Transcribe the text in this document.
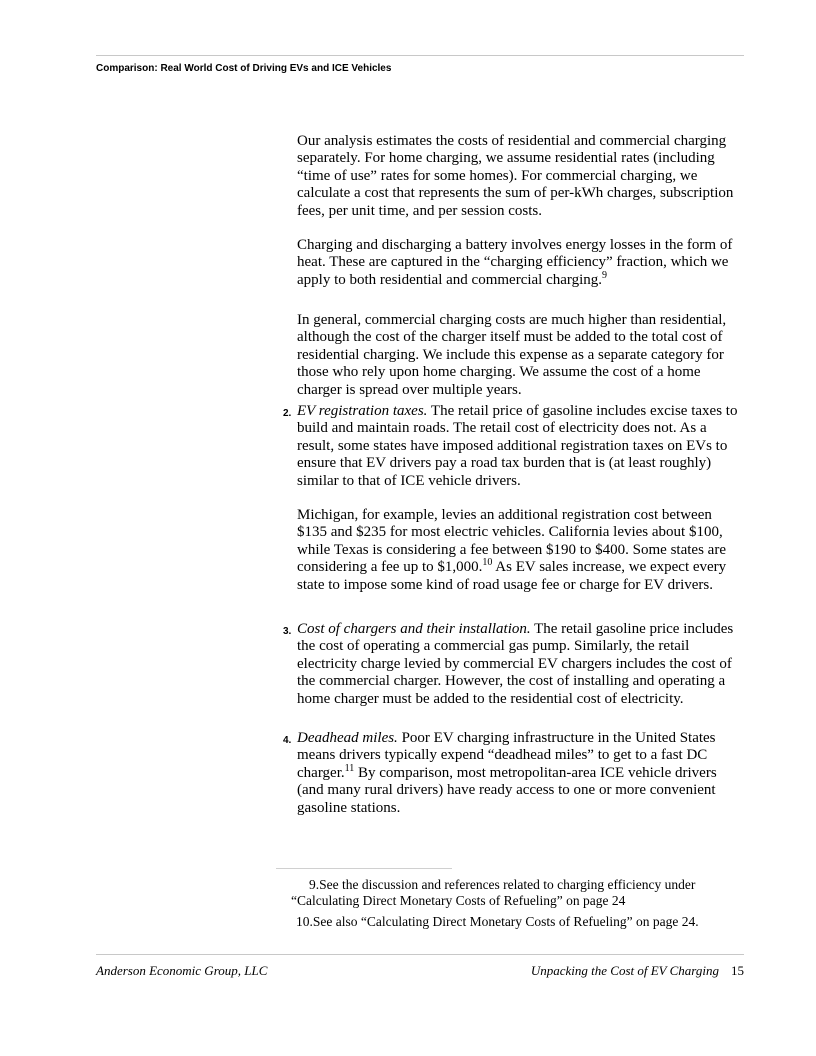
Comparison: Real World Cost of Driving EVs and ICE Vehicles

Our analysis estimates the costs of residential and commercial charging separately. For home charging, we assume residential rates (including “time of use” rates for some homes). For commercial charging, we calculate a cost that represents the sum of per-kWh charges, subscription fees, per unit time, and per session costs.

Charging and discharging a battery involves energy losses in the form of heat. These are captured in the “charging efficiency” fraction, which we apply to both residential and commercial charging.$^9$

In general, commercial charging costs are much higher than residential, although the cost of the charger itself must be added to the total cost of residential charging. We include this expense as a separate category for those who rely upon home charging. We assume the cost of a home charger is spread over multiple years.

2. EV registration taxes. The retail price of gasoline includes excise taxes to build and maintain roads. The retail cost of electricity does not. As a result, some states have imposed additional registration taxes on EVs to ensure that EV drivers pay a road tax burden that is (at least roughly) similar to that of ICE vehicle drivers.

Michigan, for example, levies an additional registration cost between $135 and $235 for most electric vehicles. California levies about $100, while Texas is considering a fee between $190 to $400. Some states are considering a fee up to $1,000.10 As EV sales increase, we expect every state to impose some kind of road usage fee or charge for EV drivers.

3. Cost of chargers and their installation. The retail gasoline price includes the cost of operating a commercial gas pump. Similarly, the retail electricity charge levied by commercial EV chargers includes the cost of the commercial charger. However, the cost of installing and operating a home charger must be added to the residential cost of electricity.

4. Deadhead miles. Poor EV charging infrastructure in the United States means drivers typically expend “deadhead miles” to get to a fast DC charger.$^{11}$ By comparison, most metropolitan-area ICE vehicle drivers (and many rural drivers) have ready access to one or more convenient gasoline stations.

9.See the discussion and references related to charging efficiency under “Calculating Direct Monetary Costs of Refueling” on page 24
10.See also “Calculating Direct Monetary Costs of Refueling” on page 24.
Anderson Economic Group, LLC	Unpacking the Cost of EV Charging 15
